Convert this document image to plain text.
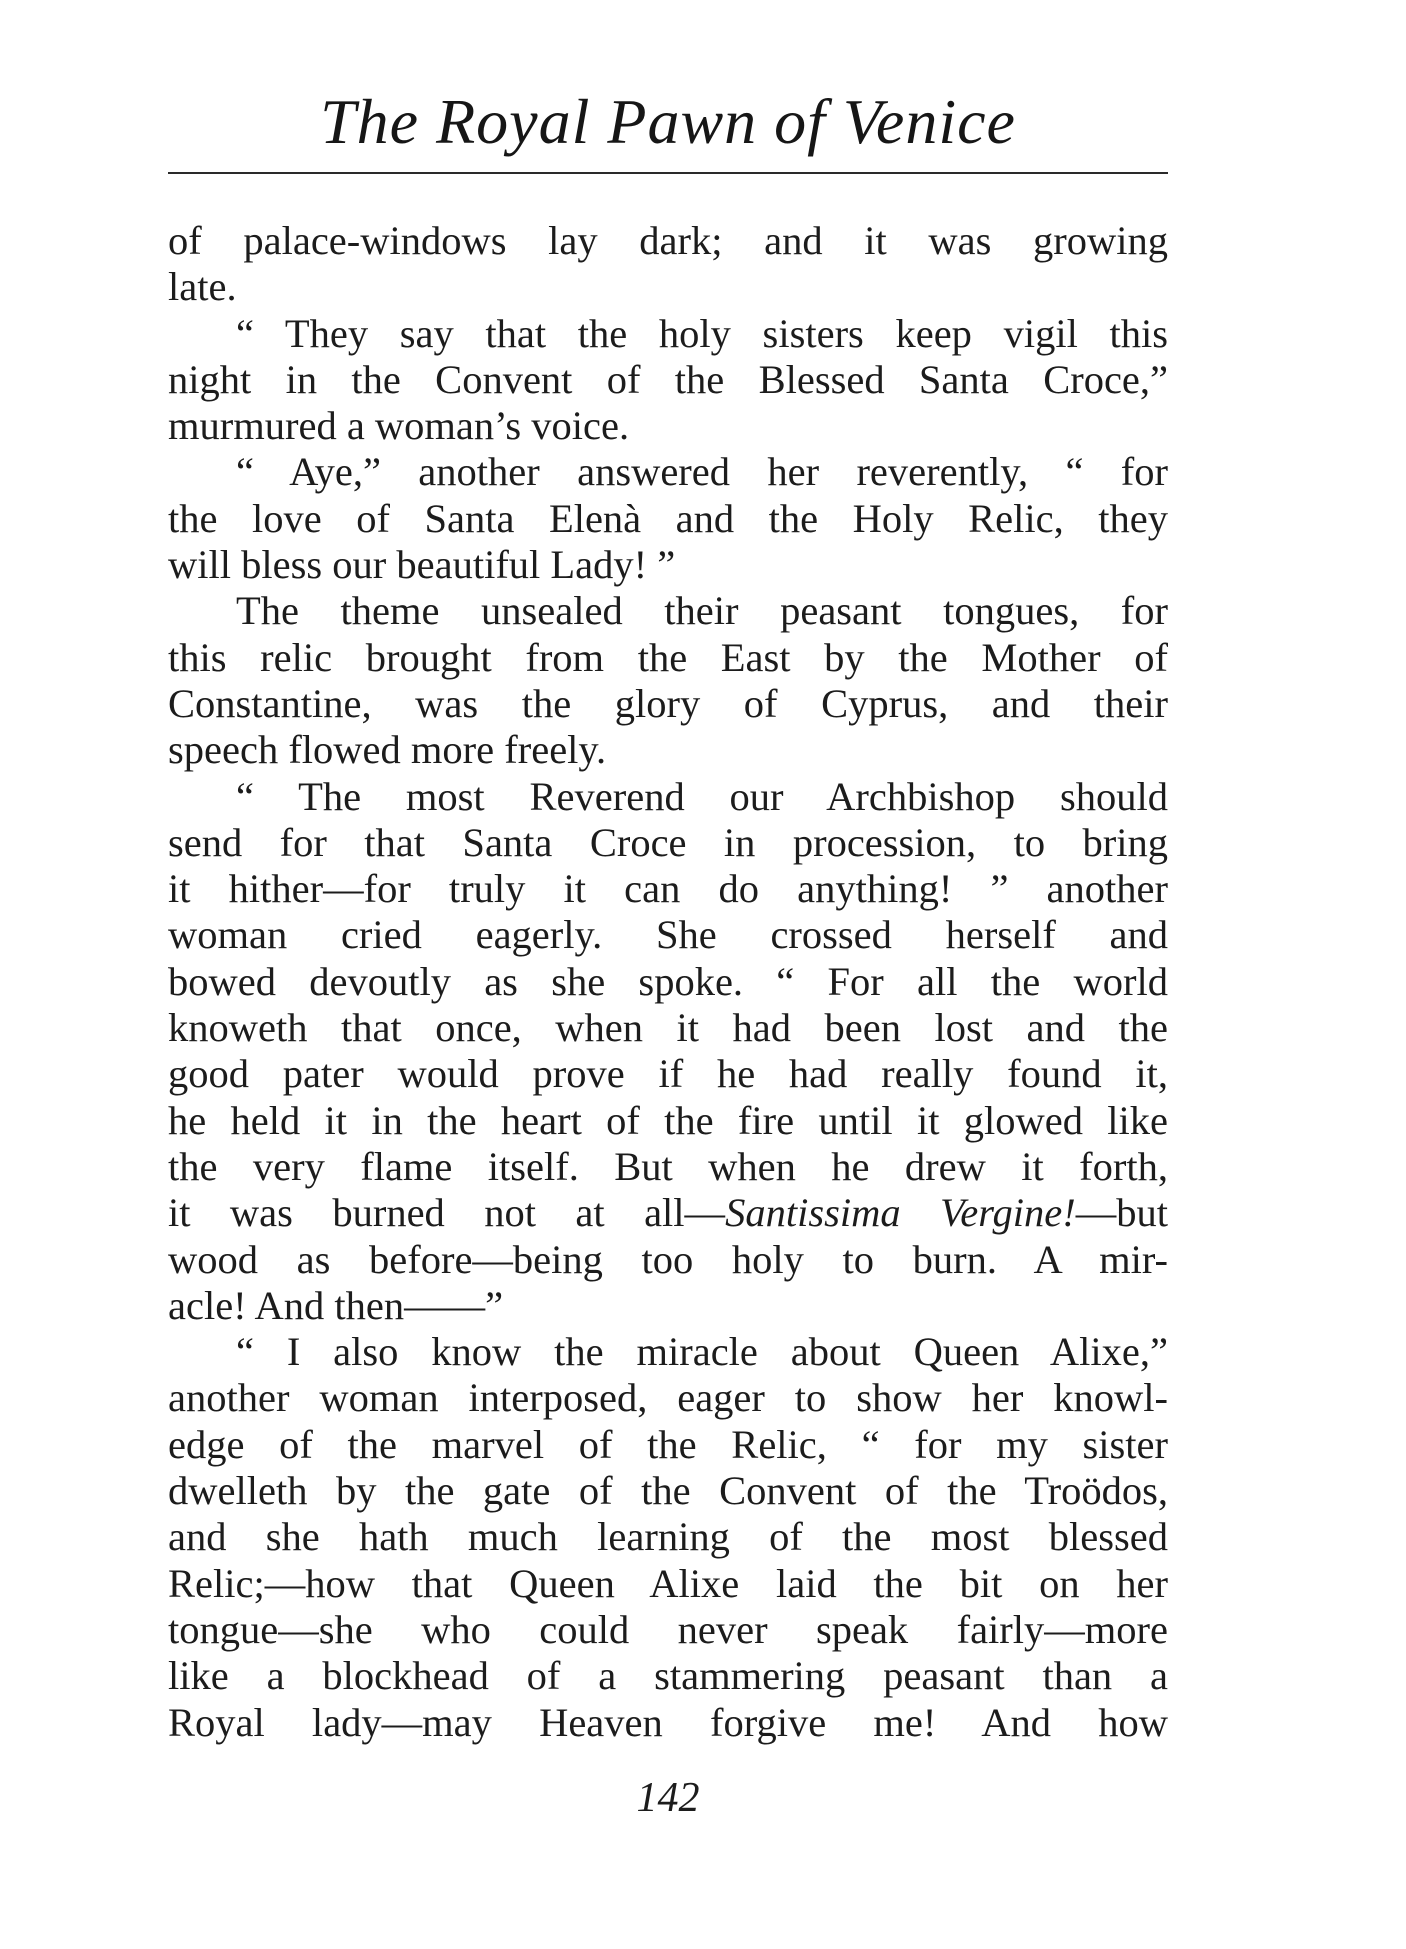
The Royal Pawn of Venice
of palace-windows lay dark; and it was growing
late.
“ They say that the holy sisters keep vigil this
night in the Convent of the Blessed Santa Croce,”
murmured a woman’s voice.
“ Aye,” another answered her reverently, “ for
the love of Santa Elenà and the Holy Relic, they
will bless our beautiful Lady! ”
The theme unsealed their peasant tongues, for
this relic brought from the East by the Mother of
Constantine, was the glory of Cyprus, and their
speech flowed more freely.
“ The most Reverend our Archbishop should
send for that Santa Croce in procession, to bring
it hither—for truly it can do anything! ” another
woman cried eagerly. She crossed herself and
bowed devoutly as she spoke. “ For all the world
knoweth that once, when it had been lost and the
good pater would prove if he had really found it,
he held it in the heart of the fire until it glowed like
the very flame itself. But when he drew it forth,
it was burned not at all—Santissima Vergine!—but
wood as before—being too holy to burn. A mir-
acle! And then——”
“ I also know the miracle about Queen Alixe,”
another woman interposed, eager to show her knowl-
edge of the marvel of the Relic, “ for my sister
dwelleth by the gate of the Convent of the Troödos,
and she hath much learning of the most blessed
Relic;—how that Queen Alixe laid the bit on her
tongue—she who could never speak fairly—more
like a blockhead of a stammering peasant than a
Royal lady—may Heaven forgive me! And how
142
